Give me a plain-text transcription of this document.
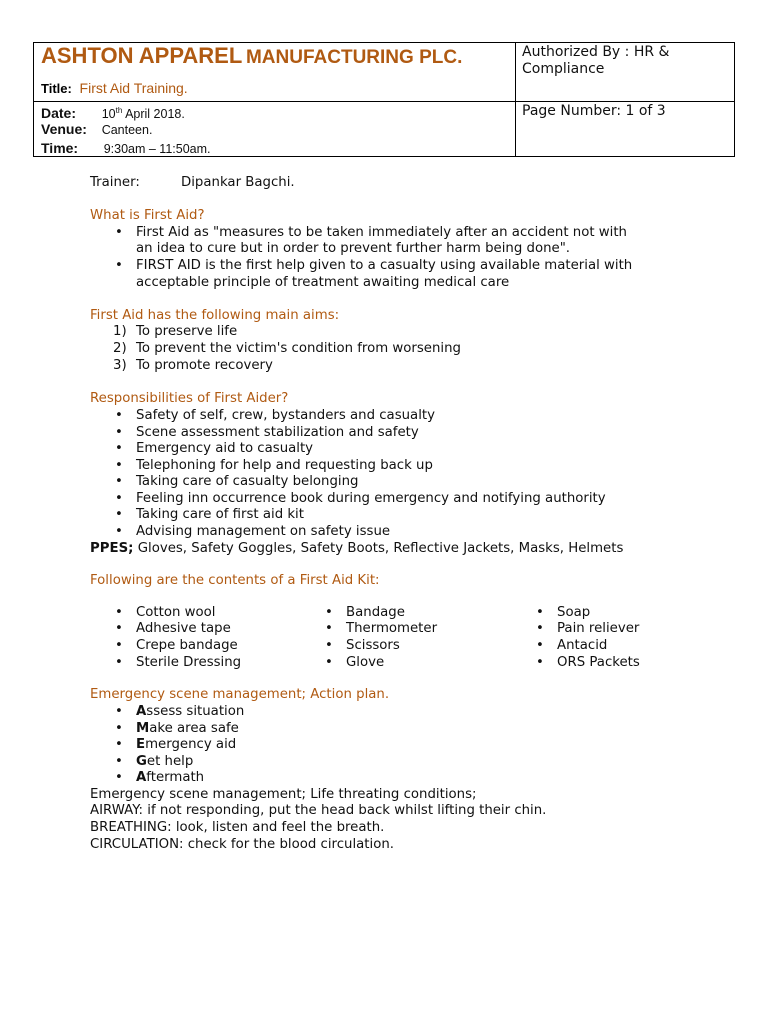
ASHTON APPAREL MANUFACTURING PLC.
Title: First Aid Training.
Authorized By : HR & Compliance
Page Number: 1 of 3
Date: 10th April 2018.
Venue: Canteen.
Time: 9:30am – 11:50am.
Trainer:	Dipankar Bagchi.
What is First Aid?
• First Aid as "measures to be taken immediately after an accident not with
an idea to cure but in order to prevent further harm being done".
• FIRST AID is the first help given to a casualty using available material with
acceptable principle of treatment awaiting medical care
First Aid has the following main aims:
1) To preserve life
2) To prevent the victim's condition from worsening
3) To promote recovery
Responsibilities of First Aider?
• Safety of self, crew, bystanders and casualty
• Scene assessment stabilization and safety
• Emergency aid to casualty
• Telephoning for help and requesting back up
• Taking care of casualty belonging
• Feeling inn occurrence book during emergency and notifying authority
• Taking care of first aid kit
• Advising management on safety issue
PPES; Gloves, Safety Goggles, Safety Boots, Reflective Jackets, Masks, Helmets
Following are the contents of a First Aid Kit:
• Cotton wool
• Adhesive tape
• Crepe bandage
• Sterile Dressing
• Bandage
• Thermometer
• Scissors
• Glove
• Soap
• Pain reliever
• Antacid
• ORS Packets
Emergency scene management; Action plan.
• Assess situation
• Make area safe
• Emergency aid
• Get help
• Aftermath
Emergency scene management; Life threating conditions;
AIRWAY: if not responding, put the head back whilst lifting their chin.
BREATHING: look, listen and feel the breath.
CIRCULATION: check for the blood circulation.
